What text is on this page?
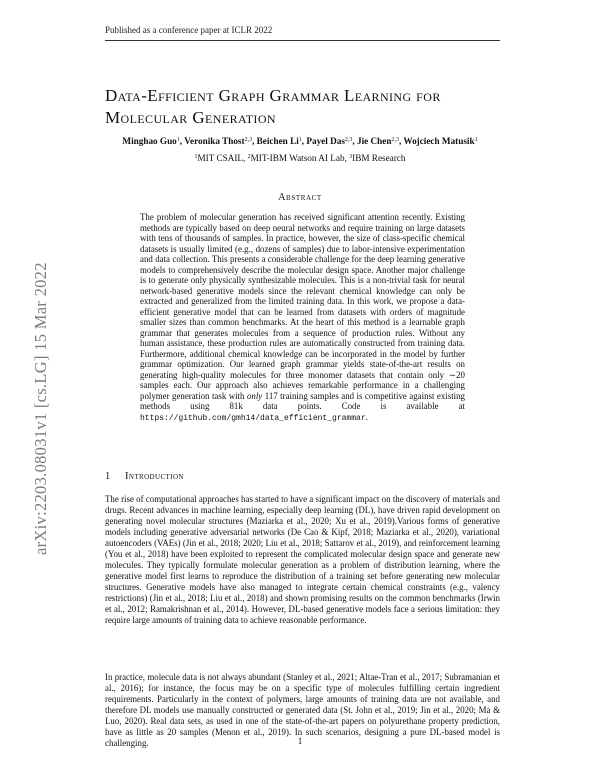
Published as a conference paper at ICLR 2022
arXiv:2203.08031v1 [cs.LG] 15 Mar 2022
Data-Efficient Graph Grammar Learning for
Molecular Generation
Minghao Guo$^1$, Veronika Thost$^{2,3}$, Beichen Li$^1$, Payel Das$^{2,3}$, Jie Chen$^{2,3}$, Wojciech Matusik$^1$
$^1$MIT CSAIL, $^2$MIT-IBM Watson AI Lab, $^3$IBM Research
Abstract
The problem of molecular generation has received significant attention recently. Existing methods are typically based on deep neural networks and require training on large datasets with tens of thousands of samples. In practice, however, the size of class-specific chemical datasets is usually limited (e.g., dozens of samples) due to labor-intensive experimentation and data collection. This presents a considerable challenge for the deep learning generative models to comprehensively describe the molecular design space. Another major challenge is to generate only physically synthesizable molecules. This is a non-trivial task for neural network-based generative models since the relevant chemical knowledge can only be extracted and generalized from the limited training data. In this work, we propose a data-efficient generative model that can be learned from datasets with orders of magnitude smaller sizes than common benchmarks. At the heart of this method is a learnable graph grammar that generates molecules from a sequence of production rules. Without any human assistance, these production rules are automatically constructed from training data. Furthermore, additional chemical knowledge can be incorporated in the model by further grammar optimization. Our learned graph grammar yields state-of-the-art results on generating high-quality molecules for three monomer datasets that contain only ∼20 samples each. Our approach also achieves remarkable performance in a challenging polymer generation task with only 117 training samples and is competitive against existing methods using 81k data points. Code is available at https://github.com/gmh14/data_efficient_grammar.
1 Introduction

The rise of computational approaches has started to have a significant impact on the discovery of materials and drugs. Recent advances in machine learning, especially deep learning (DL), have driven rapid development on generating novel molecular structures (Maziarka et al., 2020; Xu et al., 2019).Various forms of generative models including generative adversarial networks (De Cao & Kipf, 2018; Maziarka et al., 2020), variational autoencoders (VAEs) (Jin et al., 2018; 2020; Liu et al., 2018; Sattarov et al., 2019), and reinforcement learning (You et al., 2018) have been exploited to represent the complicated molecular design space and generate new molecules. They typically formulate molecular generation as a problem of distribution learning, where the generative model first learns to reproduce the distribution of a training set before generating new molecular structures. Generative models have also managed to integrate certain chemical constraints (e.g., valency restrictions) (Jin et al., 2018; Liu et al., 2018) and shown promising results on the common benchmarks (Irwin et al., 2012; Ramakrishnan et al., 2014). However, DL-based generative models face a serious limitation: they require large amounts of training data to achieve reasonable performance.

In practice, molecule data is not always abundant (Stanley et al., 2021; Altae-Tran et al., 2017; Subramanian et al., 2016); for instance, the focus may be on a specific type of molecules fulfilling certain ingredient requirements. Particularly in the context of polymers, large amounts of training data are not available, and therefore DL models use manually constructed or generated data (St. John et al., 2019; Jin et al., 2020; Ma & Luo, 2020). Real data sets, as used in one of the state-of-the-art papers on polyurethane property prediction, have as little as 20 samples (Menon et al., 2019). In such scenarios, designing a pure DL-based model is challenging.	1
